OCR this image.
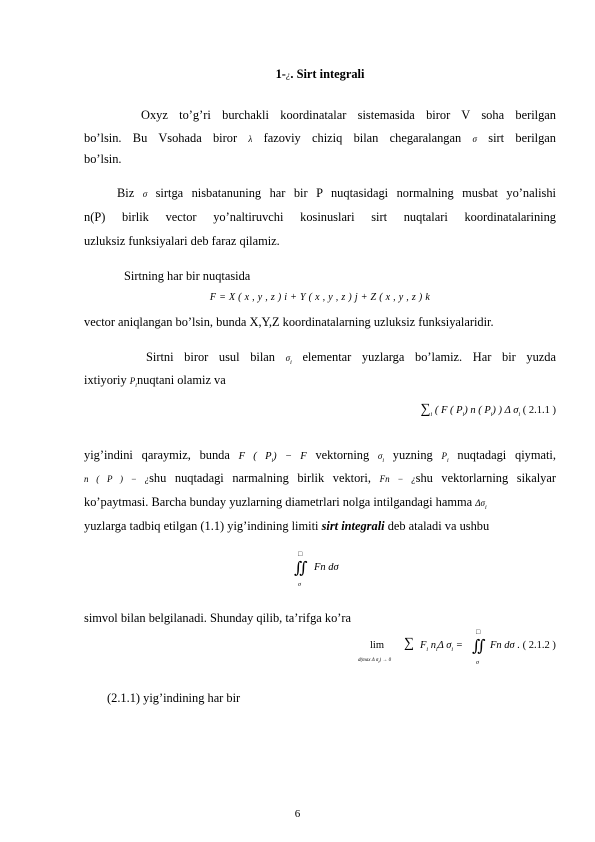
1-¿. Sirt integrali
Oxyz to’g’ri burchakli koordinatalar sistemasida biror V soha berilgan
bo’lsin. Bu Vsohada biror λ fazoviy chiziq bilan chegaralangan σ sirt berilgan
bo’lsin.
Biz σ sirtga nisbatanuning har bir P nuqtasidagi normalning musbat yo’nalishi
n(P) birlik vector yo’naltiruvchi kosinuslari sirt nuqtalari koordinatalarining
uzluksiz funksiyalari deb faraz qilamiz.
Sirtning har bir nuqtasida
F = X ( x , y , z ) i + Y ( x , y , z ) j + Z ( x , y , z ) k
vector aniqlangan bo’lsin, bunda X,Y,Z koordinatalarning uzluksiz funksiyalaridir.
Sirtni biror usul bilan $\sigma_i$ elementar yuzlarga bo’lamiz. Har bir yuzda
ixtiyoriy $P_inuqtani$ olamiz va
$\sum_i$ ( F ( $P_i$) n ( $P_i$) ) Δ $\sigma_i$ ( 2.1.1 )
yig’indini qaraymiz, bunda F ( $P_i) - F$ vektorning $\sigma_i$ yuzning $P_i$ nuqtadagi qiymati,
n ( P ) − ¿shu nuqtadagi narmalning birlik vektori, Fn − ¿shu vektorlarning sikalyar
ko’paytmasi. Barcha bunday yuzlarning diametrlari nolga intilgandagi hamma $\Delta\sigma_i$
yuzlarga tadbiq etilgan (1.1) yig’indining limiti sirt integrali deb ataladi va ushbu
□
∬
σ
Fn dσ
simvol bilan belgilanadi. Shunday qilib, ta’rifga ko’ra
lim
d(max Δ $\sigma_i) \to 0$
∑ $F_i$ $n_i\Delta$ $\sigma_i$ =
□
∬
σ
Fn dσ . ( 2.1.2 )
(2.1.1) yig’indining har bir
6
